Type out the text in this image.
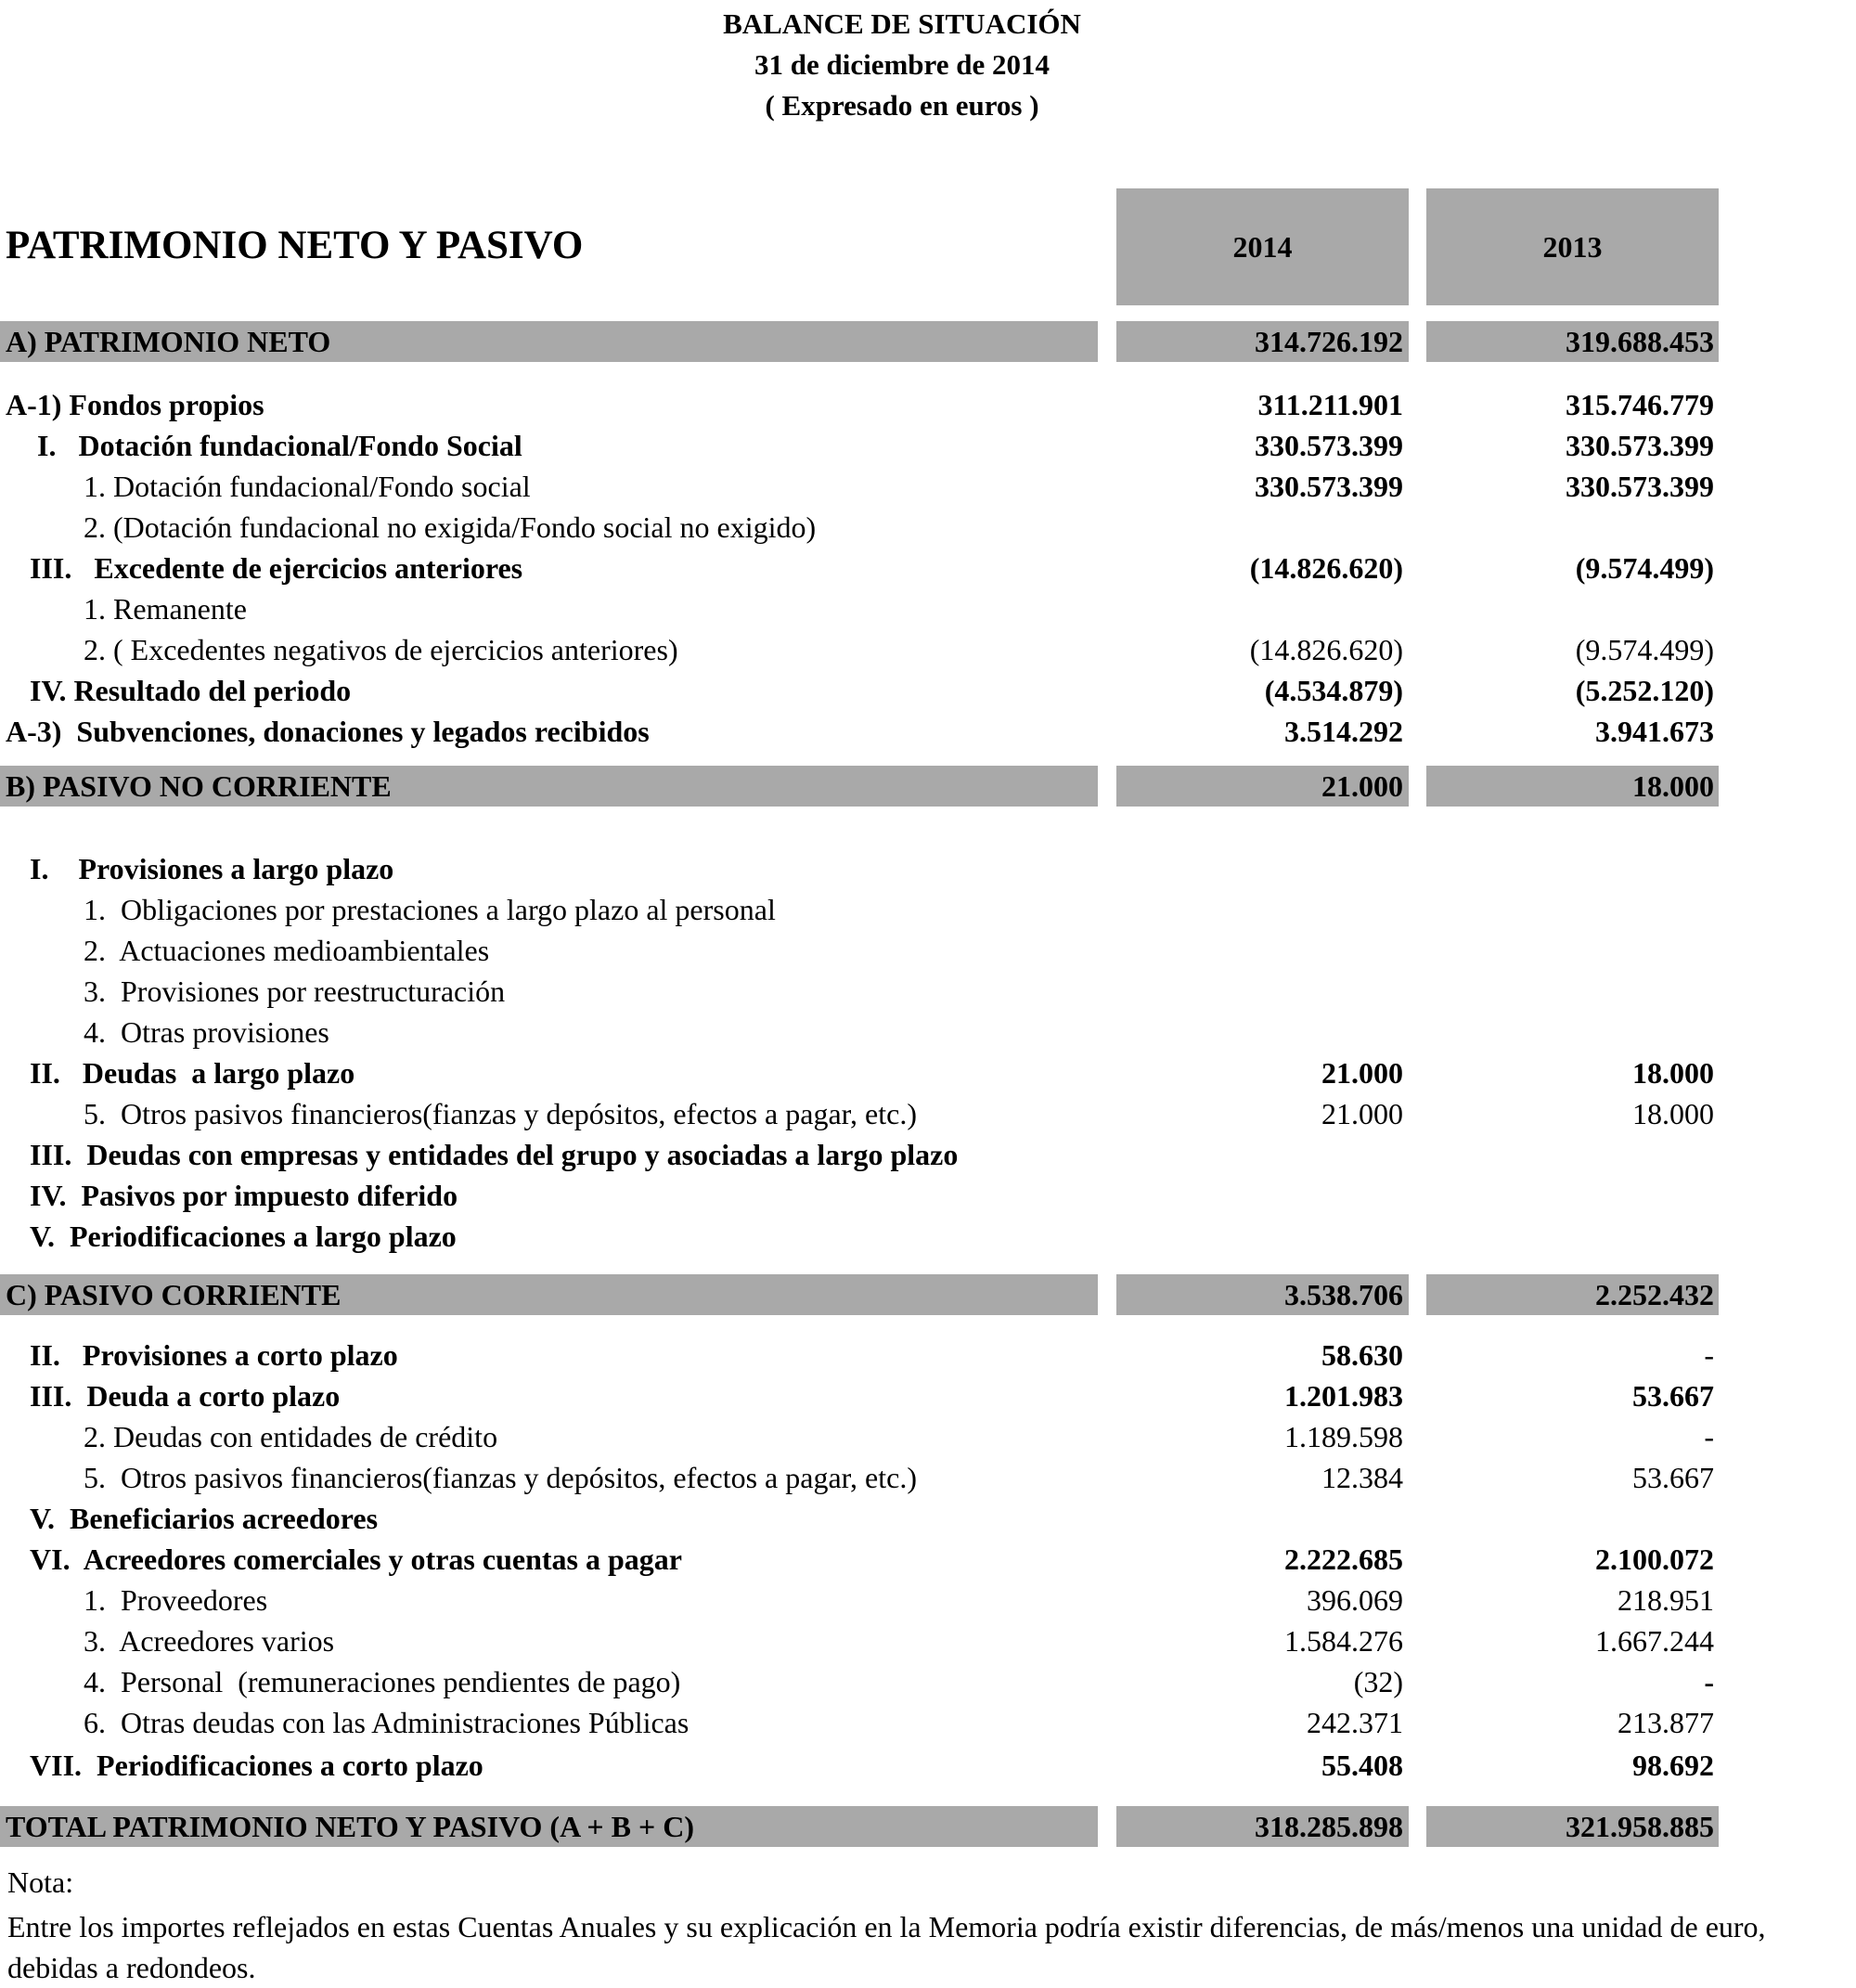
BALANCE DE SITUACIÓN
31 de diciembre de 2014
( Expresado en euros )
PATRIMONIO NETO Y PASIVO	2014	2013
A) PATRIMONIO NETO	314.726.192	319.688.453
A-1) Fondos propios	311.211.901	315.746.779
I.   Dotación fundacional/Fondo Social	330.573.399	330.573.399
1. Dotación fundacional/Fondo social	330.573.399	330.573.399
2. (Dotación fundacional no exigida/Fondo social no exigido)
III.   Excedente de ejercicios anteriores	(14.826.620)	(9.574.499)
1. Remanente
2. ( Excedentes negativos de ejercicios anteriores)	(14.826.620)	(9.574.499)
IV. Resultado del periodo	(4.534.879)	(5.252.120)
A-3)  Subvenciones, donaciones y legados recibidos	3.514.292	3.941.673
B) PASIVO NO CORRIENTE	21.000	18.000
I.    Provisiones a largo plazo
1.  Obligaciones por prestaciones a largo plazo al personal
2.  Actuaciones medioambientales
3.  Provisiones por reestructuración
4.  Otras provisiones
II.   Deudas  a largo plazo	21.000	18.000
5.  Otros pasivos financieros(fianzas y depósitos, efectos a pagar, etc.)	21.000	18.000
III.  Deudas con empresas y entidades del grupo y asociadas a largo plazo
IV.  Pasivos por impuesto diferido
V.  Periodificaciones a largo plazo
C) PASIVO CORRIENTE	3.538.706	2.252.432
II.   Provisiones a corto plazo	58.630	-
III.  Deuda a corto plazo	1.201.983	53.667
2. Deudas con entidades de crédito	1.189.598	-
5.  Otros pasivos financieros(fianzas y depósitos, efectos a pagar, etc.)	12.384	53.667
V.  Beneficiarios acreedores
VI.  Acreedores comerciales y otras cuentas a pagar	2.222.685	2.100.072
1.  Proveedores	396.069	218.951
3.  Acreedores varios	1.584.276	1.667.244
4.  Personal  (remuneraciones pendientes de pago)	(32)	-
6.  Otras deudas con las Administraciones Públicas	242.371	213.877
VII.  Periodificaciones a corto plazo	55.408	98.692
TOTAL PATRIMONIO NETO Y PASIVO (A + B + C)	318.285.898	321.958.885
Nota:
Entre los importes reflejados en estas Cuentas Anuales y su explicación en la Memoria podría existir diferencias, de más/menos una unidad de euro, debidas a redondeos.
